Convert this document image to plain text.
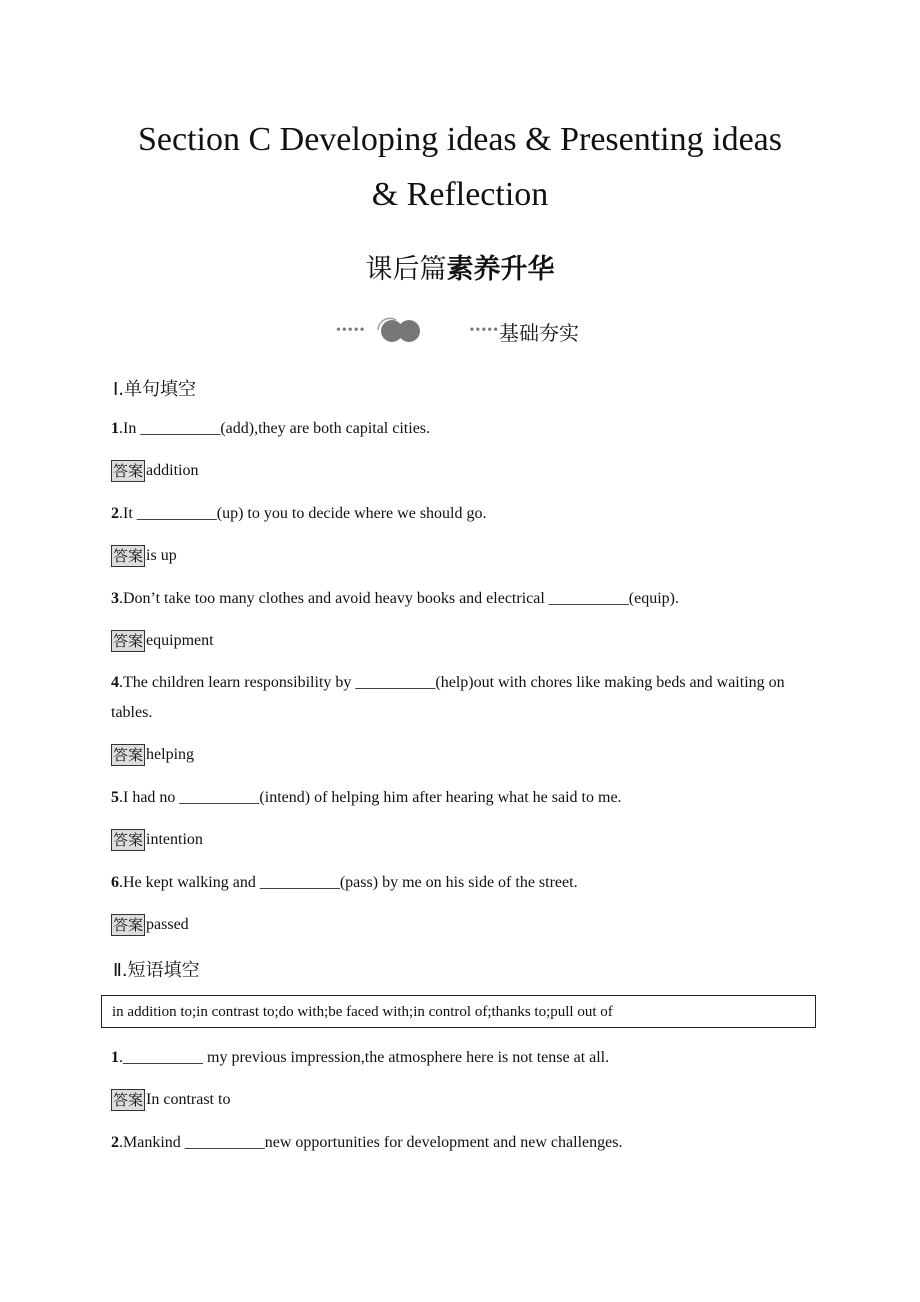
Section C Developing ideas & Presenting ideas
& Reflection
课后篇素养升华
•••••	••••• 基础夯实
Ⅰ.单句填空
1.In __________(add),they are both capital cities.
答案 addition
2.It __________(up) to you to decide where we should go.
答案 is up
3.Don’t take too many clothes and avoid heavy books and electrical __________(equip).
答案 equipment
4.The children learn responsibility by __________(help)out with chores like making beds and waiting on tables.
答案 helping
5.I had no __________(intend) of helping him after hearing what he said to me.
答案 intention
6.He kept walking and __________(pass) by me on his side of the street.
答案 passed
Ⅱ.短语填空
in addition to;in contrast to;do with;be faced with;in control of;thanks to;pull out of
1.__________ my previous impression,the atmosphere here is not tense at all.
答案 In contrast to
2.Mankind __________new opportunities for development and new challenges.
